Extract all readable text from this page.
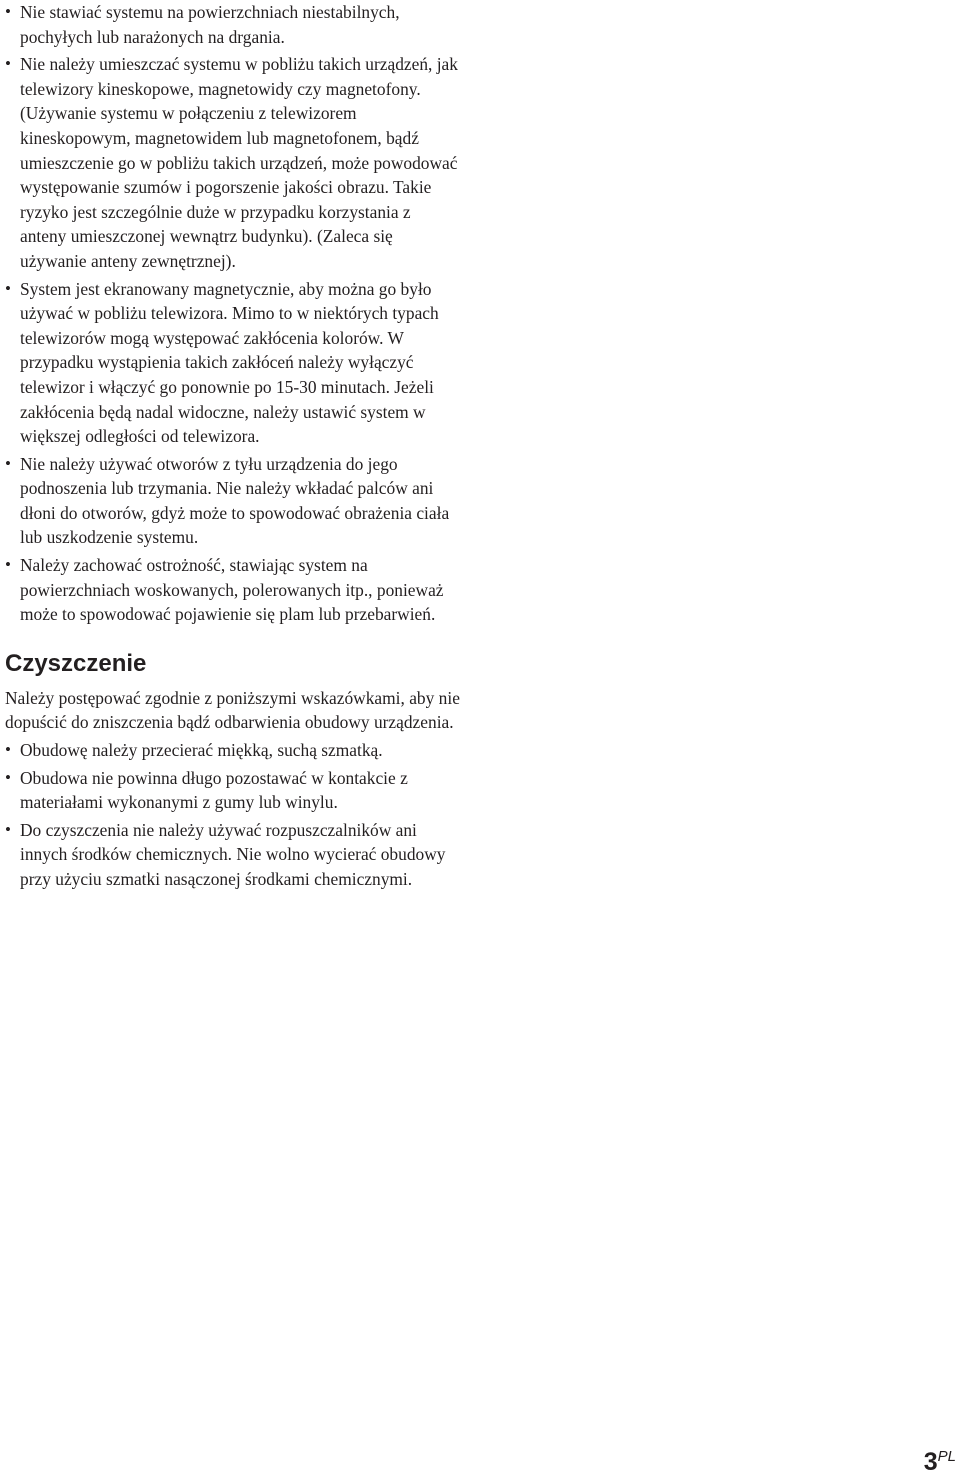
• Nie stawiać systemu na powierzchniach niestabilnych, pochyłych lub narażonych na drgania.
• Nie należy umieszczać systemu w pobliżu takich urządzeń, jak telewizory kineskopowe, magnetowidy czy magnetofony. (Używanie systemu w połączeniu z telewizorem kineskopowym, magnetowidem lub magnetofonem, bądź umieszczenie go w pobliżu takich urządzeń, może powodować występowanie szumów i pogorszenie jakości obrazu. Takie ryzyko jest szczególnie duże w przypadku korzystania z anteny umieszczonej wewnątrz budynku). (Zaleca się używanie anteny zewnętrznej).
• System jest ekranowany magnetycznie, aby można go było używać w pobliżu telewizora. Mimo to w niektórych typach telewizorów mogą występować zakłócenia kolorów. W przypadku wystąpienia takich zakłóceń należy wyłączyć telewizor i włączyć go ponownie po 15-30 minutach. Jeżeli zakłócenia będą nadal widoczne, należy ustawić system w większej odległości od telewizora.
• Nie należy używać otworów z tyłu urządzenia do jego podnoszenia lub trzymania. Nie należy wkładać palców ani dłoni do otworów, gdyż może to spowodować obrażenia ciała lub uszkodzenie systemu.
• Należy zachować ostrożność, stawiając system na powierzchniach woskowanych, polerowanych itp., ponieważ może to spowodować pojawienie się plam lub przebarwień.
Czyszczenie

Należy postępować zgodnie z poniższymi wskazówkami, aby nie dopuścić do zniszczenia bądź odbarwienia obudowy urządzenia.

• Obudowę należy przecierać miękką, suchą szmatką.
• Obudowa nie powinna długo pozostawać w kontakcie z materiałami wykonanymi z gumy lub winylu.
• Do czyszczenia nie należy używać rozpuszczalników ani innych środków chemicznych. Nie wolno wycierać obudowy przy użyciu szmatki nasączonej środkami chemicznymi.
3PL
